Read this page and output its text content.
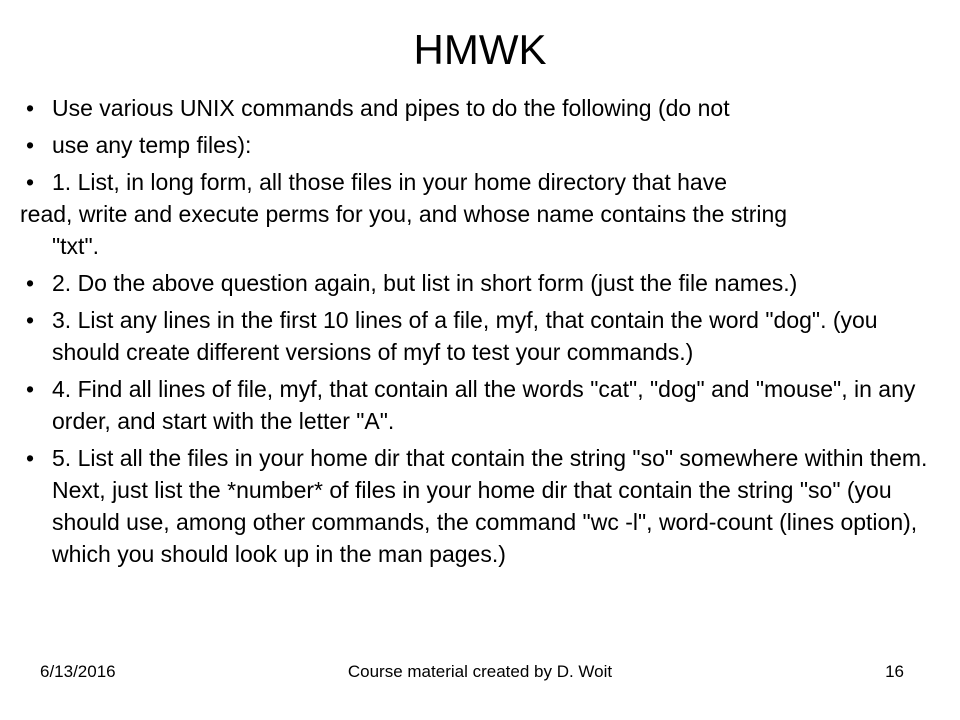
HMWK
• Use various UNIX commands and pipes to do the following (do not
• use any temp files):
• 1. List, in long form, all those files in your home directory that have
read, write and execute perms for you, and whose name contains the string
"txt".
• 2. Do the above question again, but list in short form (just the file names.)
• 3. List any lines in the first 10 lines of a file, myf, that contain the word "dog". (you should create different versions of myf to test your commands.)
• 4. Find all lines of file, myf, that contain all the words "cat", "dog" and "mouse", in any order, and start with the letter "A".
• 5. List all the files in your home dir that contain the string "so" somewhere within them. Next, just list the *number* of files in your home dir that contain the string "so" (you should use, among other commands, the command "wc -l", word-count (lines option), which you should look up in the man pages.)
6/13/2016	Course material created by D. Woit	16
